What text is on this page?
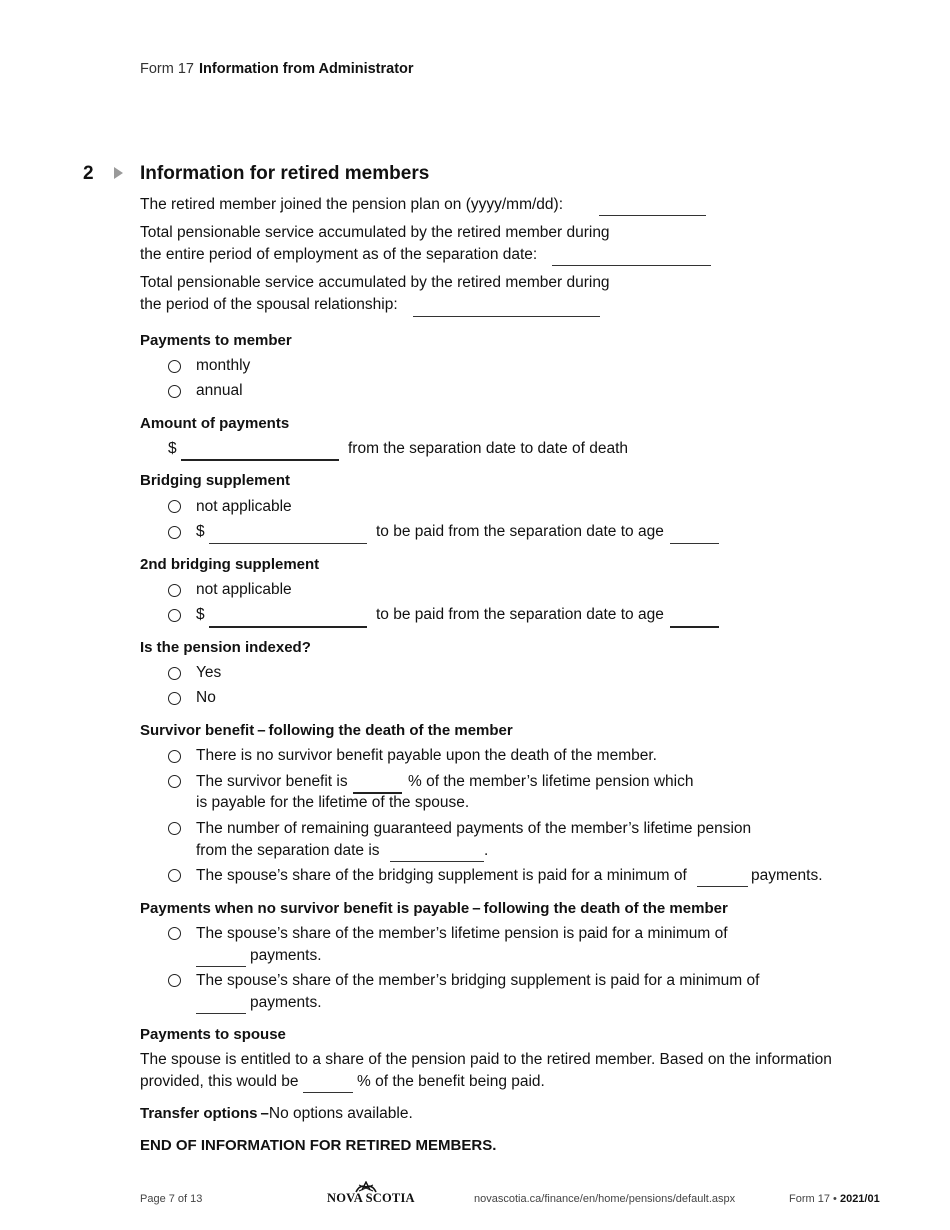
Form 17 Information from Administrator
2 Information for retired members
The retired member joined the pension plan on (yyyy/mm/dd):
Total pensionable service accumulated by the retired member during
the entire period of employment as of the separation date:
Total pensionable service accumulated by the retired member during
the period of the spousal relationship:
Payments to member
monthly
annual
Amount of payments
$	from the separation date to date of death
Bridging supplement
not applicable
$	to be paid from the separation date to age
2nd bridging supplement
not applicable
$	to be paid from the separation date to age
Is the pension indexed?
Yes
No
Survivor benefit – following the death of the member
There is no survivor benefit payable upon the death of the member.
The survivor benefit is	% of the member’s lifetime pension which
is payable for the lifetime of the spouse.
The number of remaining guaranteed payments of the member’s lifetime pension
from the separation date is	.
The spouse’s share of the bridging supplement is paid for a minimum of	payments.
Payments when no survivor benefit is payable – following the death of the member
The spouse’s share of the member’s lifetime pension is paid for a minimum of
payments.
The spouse’s share of the member’s bridging supplement is paid for a minimum of
payments.
Payments to spouse
The spouse is entitled to a share of the pension paid to the retired member. Based on the information
provided, this would be	% of the benefit being paid.
Transfer options –No options available.
END OF INFORMATION FOR RETIRED MEMBERS.
Page 7 of 13	NOVA SCOTIA	novascotia.ca/finance/en/home/pensions/default.aspx	Form 17 • 2021/01
